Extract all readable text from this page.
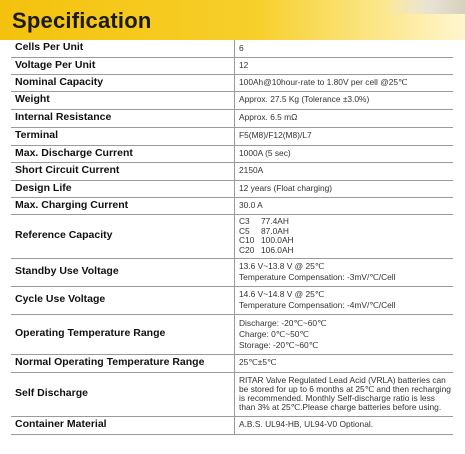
Specification
Cells Per Unit	6

Voltage Per Unit	12

Nominal Capacity	100Ah@10hour-rate to 1.80V per cell @25℃

Weight	Approx. 27.5 Kg (Tolerance ±3.0%)

Internal Resistance	Approx. 6.5 mΩ

Terminal	F5(M8)/F12(M8)/L7

Max. Discharge Current	1000A (5 sec)

Short Circuit Current	2150A

Design Life	12 years (Float charging)

Max. Charging Current	30.0 A

Reference Capacity	C3 77.4AH
C5 87.0AH
C10 100.0AH
C20 106.0AH

Standby Use Voltage	13.6 V~13.8 V @ 25℃
Temperature Compensation: -3mV/℃/Cell

Cycle Use Voltage	14.6 V~14.8 V @ 25℃
Temperature Compensation: -4mV/℃/Cell

Operating Temperature Range	Discharge: -20℃~60℃
Charge: 0℃~50℃
Storage: -20℃~60℃

Normal Operating Temperature Range	25℃±5℃

Self Discharge	RITAR Valve Regulated Lead Acid (VRLA) batteries can
be stored for up to 6 months at 25℃ and then recharging
is recommended. Monthly Self-discharge ratio is less
than 3% at 25℃.Please charge batteries before using.

Container Material	A.B.S. UL94-HB, UL94-V0 Optional.
